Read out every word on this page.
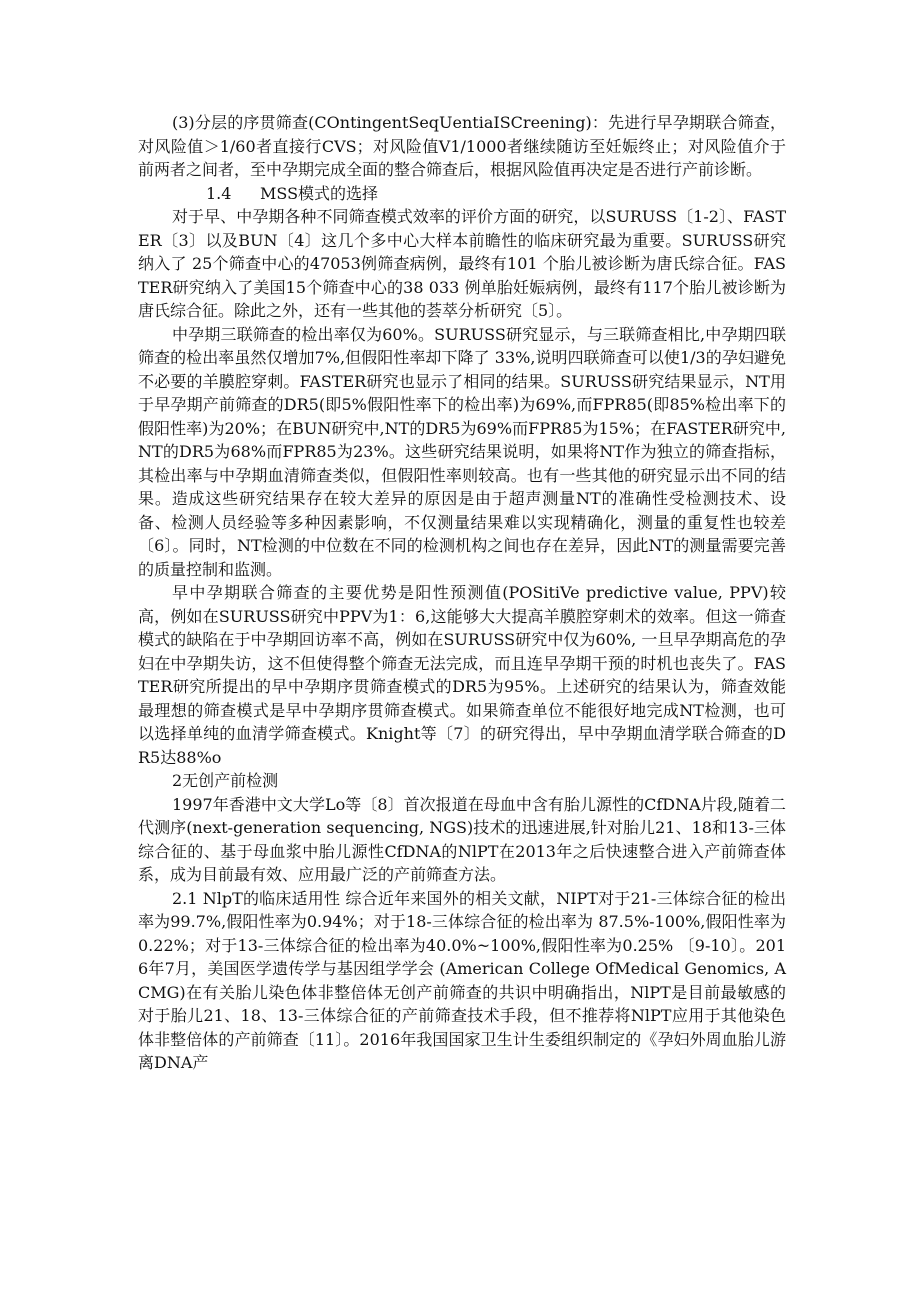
(3)分层的序贯筛查(COntingentSeqUentiaISCreening)：先进行早孕期联合筛查，对风险值＞1/60者直接行CVS；对风险值V1/1000者继续随访至妊娠终止；对风险值介于前两者之间者，至中孕期完成全面的整合筛查后，根据风险值再决定是否进行产前诊断。

1.4 MSS模式的选择

对于早、中孕期各种不同筛查模式效率的评价方面的研究，以SURUSS〔1-2〕、FASTER〔3〕以及BUN〔4〕这几个多中心大样本前瞻性的临床研究最为重要。SURUSS研究纳入了 25个筛查中心的47053例筛查病例，最终有101 个胎儿被诊断为唐氏综合征。FASTER研究纳入了美国15个筛查中心的38 033 例单胎妊娠病例，最终有117个胎儿被诊断为唐氏综合征。除此之外，还有一些其他的荟萃分析研究〔5〕。

中孕期三联筛查的检出率仅为60%。SURUSS研究显示，与三联筛查相比,中孕期四联筛查的检出率虽然仅增加7%,但假阳性率却下降了 33%,说明四联筛查可以使1/3的孕妇避免不必要的羊膜腔穿刺。FASTER研究也显示了相同的结果。SURUSS研究结果显示，NT用于早孕期产前筛查的DR5(即5%假阳性率下的检出率)为69%,而FPR85(即85%检出率下的假阳性率)为20%；在BUN研究中,NT的DR5为69%而FPR85为15%；在FASTER研究中,NT的DR5为68%而FPR85为23%。这些研究结果说明，如果将NT作为独立的筛查指标，其检出率与中孕期血清筛查类似，但假阳性率则较高。也有一些其他的研究显示出不同的结果。造成这些研究结果存在较大差异的原因是由于超声测量NT的准确性受检测技术、设备、检测人员经验等多种因素影响，不仅测量结果难以实现精确化，测量的重复性也较差〔6〕。同时，NT检测的中位数在不同的检测机构之间也存在差异，因此NT的测量需要完善的质量控制和监测。

早中孕期联合筛查的主要优势是阳性预测值(POSitiVe predictive value, PPV)较高，例如在SURUSS研究中PPV为1：6,这能够大大提高羊膜腔穿刺术的效率。但这一筛查模式的缺陷在于中孕期回访率不高，例如在SURUSS研究中仅为60%, 一旦早孕期高危的孕妇在中孕期失访，这不但使得整个筛查无法完成，而且连早孕期干预的时机也丧失了。FASTER研究所提出的早中孕期序贯筛查模式的DR5为95%。上述研究的结果认为，筛查效能最理想的筛查模式是早中孕期序贯筛查模式。如果筛查单位不能很好地完成NT检测，也可以选择单纯的血清学筛查模式。Knight等〔7〕的研究得出，早中孕期血清学联合筛查的DR5达88%o

2无创产前检测

1997年香港中文大学Lo等〔8〕首次报道在母血中含有胎儿源性的CfDNA片段,随着二代测序(next-generation sequencing, NGS)技术的迅速进展,针对胎儿21、18和13-三体综合征的、基于母血浆中胎儿源性CfDNA的NlPT在2013年之后快速整合进入产前筛查体系，成为目前最有效、应用最广泛的产前筛查方法。

2.1 NlpT的临床适用性 综合近年来国外的相关文献，NIPT对于21-三体综合征的检出率为99.7%,假阳性率为0.94%；对于18-三体综合征的检出率为 87.5%-100%,假阳性率为0.22%；对于13-三体综合征的检出率为40.0%~100%,假阳性率为0.25% 〔9-10〕。2016年7月，美国医学遗传学与基因组学学会 (American College OfMedical Genomics, ACMG)在有关胎儿染色体非整倍体无创产前筛查的共识中明确指出，NlPT是目前最敏感的对于胎儿21、18、13-三体综合征的产前筛查技术手段，但不推荐将NlPT应用于其他染色体非整倍体的产前筛查〔11〕。2016年我国国家卫生计生委组织制定的《孕妇外周血胎儿游离DNA产
